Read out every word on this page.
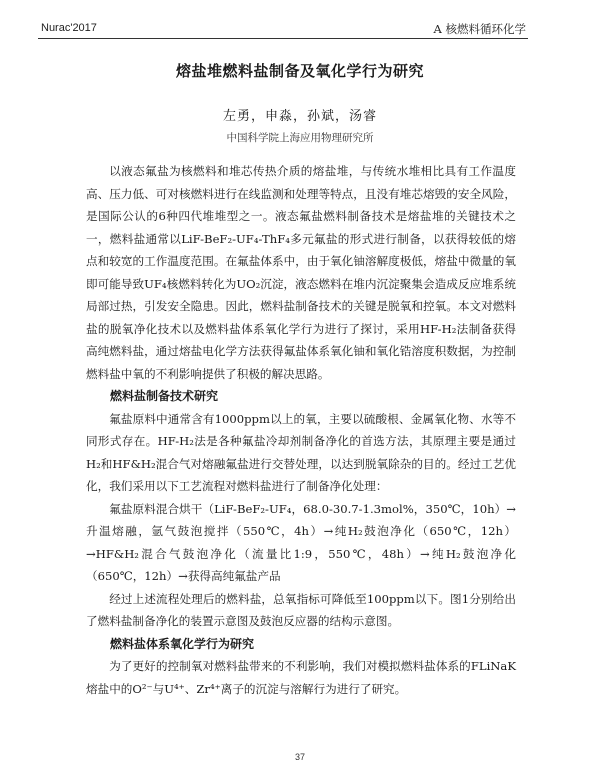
Nurac'2017	A 核燃料循环化学
熔盐堆燃料盐制备及氧化学行为研究
左勇，申淼，孙斌，汤睿
中国科学院上海应用物理研究所

以液态氟盐为核燃料和堆芯传热介质的熔盐堆，与传统水堆相比具有工作温度高、压力低、可对核燃料进行在线监测和处理等特点，且没有堆芯熔毁的安全风险，是国际公认的6种四代堆堆型之一。液态氟盐燃料制备技术是熔盐堆的关键技术之一，燃料盐通常以LiF-BeF₂-UF₄-ThF₄多元氟盐的形式进行制备，以获得较低的熔点和较宽的工作温度范围。在氟盐体系中，由于氧化铀溶解度极低，熔盐中微量的氧即可能导致UF₄核燃料转化为UO₂沉淀，液态燃料在堆内沉淀聚集会造成反应堆系统局部过热，引发安全隐患。因此，燃料盐制备技术的关键是脱氧和控氧。本文对燃料盐的脱氧净化技术以及燃料盐体系氧化学行为进行了探讨，采用HF-H₂法制备获得高纯燃料盐，通过熔盐电化学方法获得氟盐体系氧化铀和氧化锆溶度积数据，为控制燃料盐中氧的不利影响提供了积极的解决思路。

燃料盐制备技术研究

氟盐原料中通常含有1000ppm以上的氧，主要以硫酸根、金属氧化物、水等不同形式存在。HF-H₂法是各种氟盐冷却剂制备净化的首选方法，其原理主要是通过H₂和HF&H₂混合气对熔融氟盐进行交替处理，以达到脱氧除杂的目的。经过工艺优化，我们采用以下工艺流程对燃料盐进行了制备净化处理：

氟盐原料混合烘干（LiF-BeF₂-UF₄，68.0-30.7-1.3mol%，350℃，10h）→升温熔融，氩气鼓泡搅拌（550℃，4h）→纯H₂鼓泡净化（650℃，12h）→HF&H₂混合气鼓泡净化（流量比1:9，550℃，48h）→纯H₂鼓泡净化（650℃，12h）→获得高纯氟盐产品

经过上述流程处理后的燃料盐，总氧指标可降低至100ppm以下。图1分别给出了燃料盐制备净化的装置示意图及鼓泡反应器的结构示意图。

燃料盐体系氧化学行为研究

为了更好的控制氧对燃料盐带来的不利影响，我们对模拟燃料盐体系的FLiNaK熔盐中的O²⁻与U⁴⁺、Zr⁴⁺离子的沉淀与溶解行为进行了研究。

37
